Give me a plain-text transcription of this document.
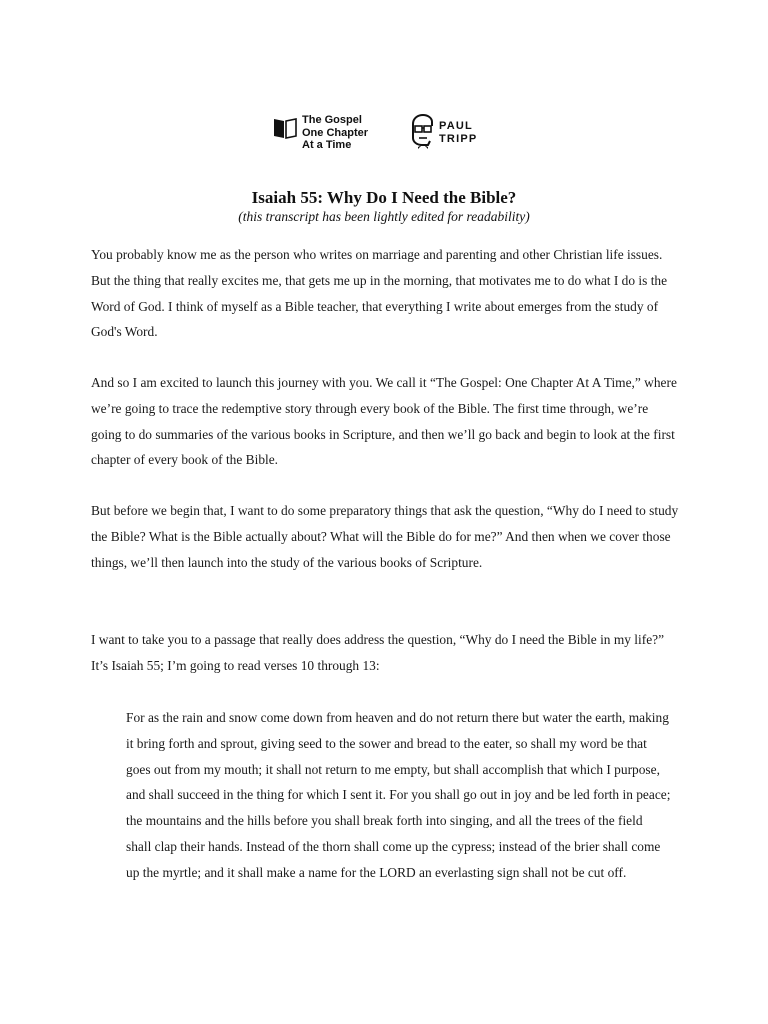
The Gospel
One Chapter
At a Time
PAUL
TRIPP
Isaiah 55: Why Do I Need the Bible?

(this transcript has been lightly edited for readability)

You probably know me as the person who writes on marriage and parenting and other Christian life issues. But the thing that really excites me, that gets me up in the morning, that motivates me to do what I do is the Word of God. I think of myself as a Bible teacher, that everything I write about emerges from the study of God's Word.

And so I am excited to launch this journey with you. We call it “The Gospel: One Chapter At A Time,” where we’re going to trace the redemptive story through every book of the Bible. The first time through, we’re going to do summaries of the various books in Scripture, and then we’ll go back and begin to look at the first chapter of every book of the Bible.

But before we begin that, I want to do some preparatory things that ask the question, “Why do I need to study the Bible? What is the Bible actually about? What will the Bible do for me?” And then when we cover those things, we’ll then launch into the study of the various books of Scripture.

I want to take you to a passage that really does address the question, “Why do I need the Bible in my life?” It’s Isaiah 55; I’m going to read verses 10 through 13:

For as the rain and snow come down from heaven and do not return there but water the earth, making it bring forth and sprout, giving seed to the sower and bread to the eater, so shall my word be that goes out from my mouth; it shall not return to me empty, but shall accomplish that which I purpose, and shall succeed in the thing for which I sent it. For you shall go out in joy and be led forth in peace; the mountains and the hills before you shall break forth into singing, and all the trees of the field shall clap their hands. Instead of the thorn shall come up the cypress; instead of the brier shall come up the myrtle; and it shall make a name for the LORD an everlasting sign shall not be cut off.
